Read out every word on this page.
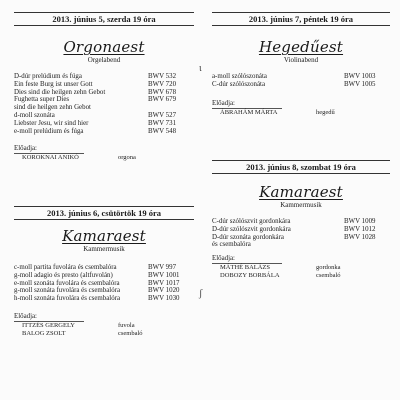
2013. június 5, szerda 19 óra
Orgonaest
Orgelabend
D-dúr prelúdium és fúga	BWV 532
Ein feste Burg ist unser Gott	BWV 720
Dies sind die heilgen zehn Gebot	BWV 678
Fughetta super Dies	BWV 679
sind die heilgen zehn Gebot
d-moll szonáta	BWV 527
Liebster Jesu, wir sind hier	BWV 731
e-moll prelúdium és fúga	BWV 548
Előadja:
KOROKNAI ANIKÓ	orgona
2013. június 6, csütörtök 19 óra
Kamaraest
Kammermusik
c-moll partita fuvolára és csembalóra	BWV 997
g-moll adagio és presto (altfuvolán)	BWV 1001
e-moll szonáta fuvolára és csembalóra	BWV 1017
g-moll szonáta fuvolára és csembalóra	BWV 1020
h-moll szonáta fuvolára és csembalóra	BWV 1030
Előadja:
ITTZÉS GERGELY	fuvola
BALOG ZSOLT	csembaló
ɩ
ʃ
2013. június 7, péntek 19 óra
Hegedűest
Violinabend
a-moll szólószonáta	BWV 1003
C-dúr szólószonáta	BWV 1005
Előadja:
ÁBRAHÁM MÁRTA	hegedű
2013. június 8, szombat 19 óra
Kamaraest
Kammermusik
C-dúr szólószvit gordonkára	BWV 1009
D-dúr szólószvit gordonkára	BWV 1012
D-dúr szonáta gordonkára	BWV 1028
és csembalóra
Előadja:
MÁTHÉ BALÁZS	gordonka
DOBOZY BORBÁLA	csembaló
